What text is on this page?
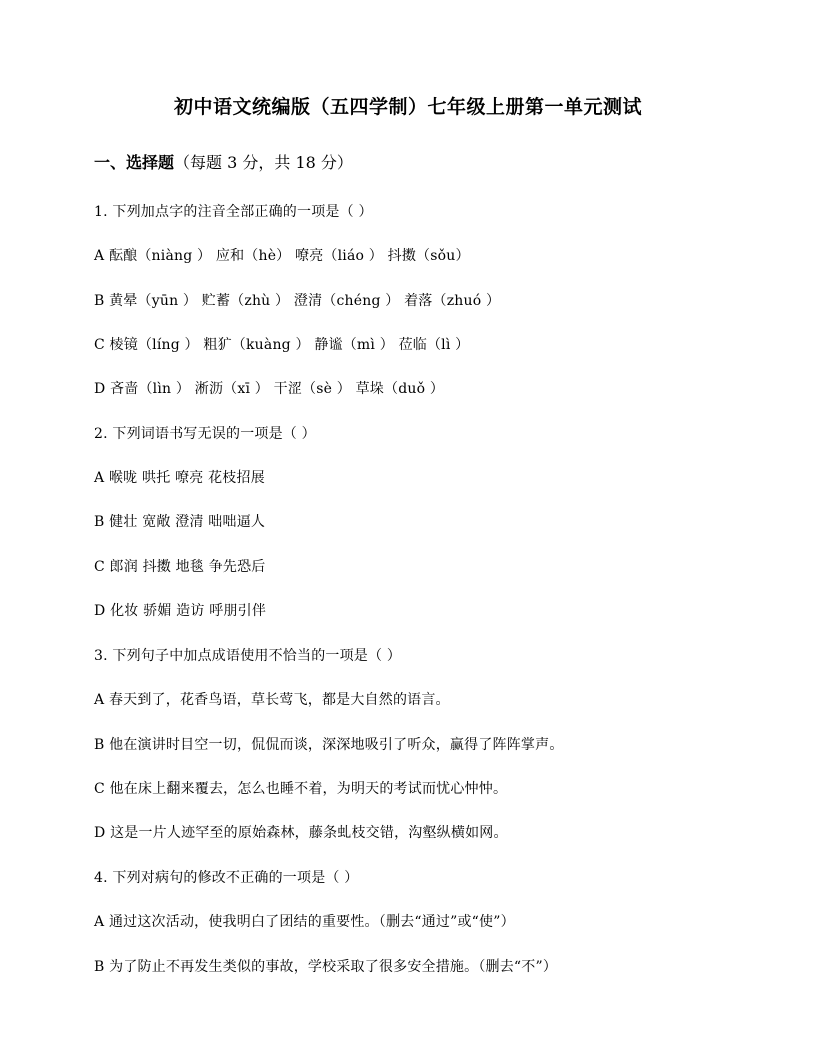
初中语文统编版（五四学制）七年级上册第一单元测试
一、选择题（每题 3 分，共 18 分）
1. 下列加点字的注音全部正确的一项是（ ）
A 酝酿（niàng ） 应和（hè） 嘹亮（liáo ） 抖擞（sǒu）
B 黄晕（yūn ） 贮蓄（zhù ） 澄清（chéng ） 着落（zhuó ）
C 棱镜（líng ） 粗犷（kuàng ） 静谧（mì ） 莅临（lì ）
D 吝啬（lìn ） 淅沥（xī ） 干涩（sè ） 草垛（duǒ ）
2. 下列词语书写无误的一项是（ ）
A 喉咙 哄托 嘹亮 花枝招展
B 健壮 宽敞 澄清 咄咄逼人
C 郎润 抖擞 地毯 争先恐后
D 化妆 骄媚 造访 呼朋引伴
3. 下列句子中加点成语使用不恰当的一项是（ ）
A 春天到了，花香鸟语，草长莺飞，都是大自然的语言。
B 他在演讲时目空一切，侃侃而谈，深深地吸引了听众，赢得了阵阵掌声。
C 他在床上翻来覆去，怎么也睡不着，为明天的考试而忧心忡忡。
D 这是一片人迹罕至的原始森林，藤条虬枝交错，沟壑纵横如网。
4. 下列对病句的修改不正确的一项是（ ）
A 通过这次活动，使我明白了团结的重要性。（删去“通过”或“使”）
B 为了防止不再发生类似的事故，学校采取了很多安全措施。（删去“不”）
